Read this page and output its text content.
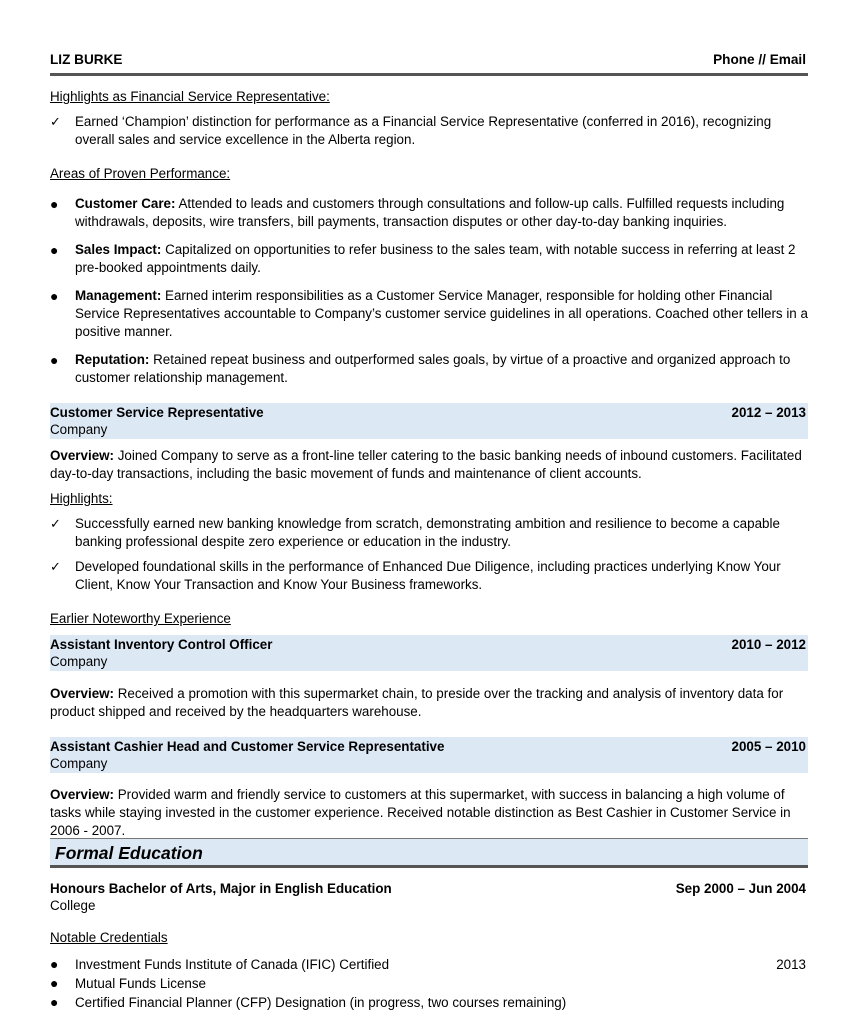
LIZ BURKE	Phone // Email
Highlights as Financial Service Representative:
✓	Earned ‘Champion’ distinction for performance as a Financial Service Representative (conferred in 2016), recognizing overall sales and service excellence in the Alberta region.
Areas of Proven Performance:
●	Customer Care: Attended to leads and customers through consultations and follow-up calls. Fulfilled requests including withdrawals, deposits, wire transfers, bill payments, transaction disputes or other day-to-day banking inquiries.
●	Sales Impact: Capitalized on opportunities to refer business to the sales team, with notable success in referring at least 2 pre-booked appointments daily.
●	Management: Earned interim responsibilities as a Customer Service Manager, responsible for holding other Financial Service Representatives accountable to Company’s customer service guidelines in all operations. Coached other tellers in a positive manner.
●	Reputation: Retained repeat business and outperformed sales goals, by virtue of a proactive and organized approach to customer relationship management.
Customer Service Representative	2012 – 2013
Company
Overview: Joined Company to serve as a front-line teller catering to the basic banking needs of inbound customers. Facilitated day-to-day transactions, including the basic movement of funds and maintenance of client accounts.
Highlights:
✓	Successfully earned new banking knowledge from scratch, demonstrating ambition and resilience to become a capable banking professional despite zero experience or education in the industry.
✓	Developed foundational skills in the performance of Enhanced Due Diligence, including practices underlying Know Your Client, Know Your Transaction and Know Your Business frameworks.
Earlier Noteworthy Experience
Assistant Inventory Control Officer	2010 – 2012
Company
Overview: Received a promotion with this supermarket chain, to preside over the tracking and analysis of inventory data for product shipped and received by the headquarters warehouse.
Assistant Cashier Head and Customer Service Representative	2005 – 2010
Company
Overview: Provided warm and friendly service to customers at this supermarket, with success in balancing a high volume of tasks while staying invested in the customer experience. Received notable distinction as Best Cashier in Customer Service in 2006 - 2007.
Formal Education
Honours Bachelor of Arts, Major in English Education	Sep 2000 – Jun 2004
College
Notable Credentials
●	Investment Funds Institute of Canada (IFIC) Certified	2013
●	Mutual Funds License
●	Certified Financial Planner (CFP) Designation (in progress, two courses remaining)
